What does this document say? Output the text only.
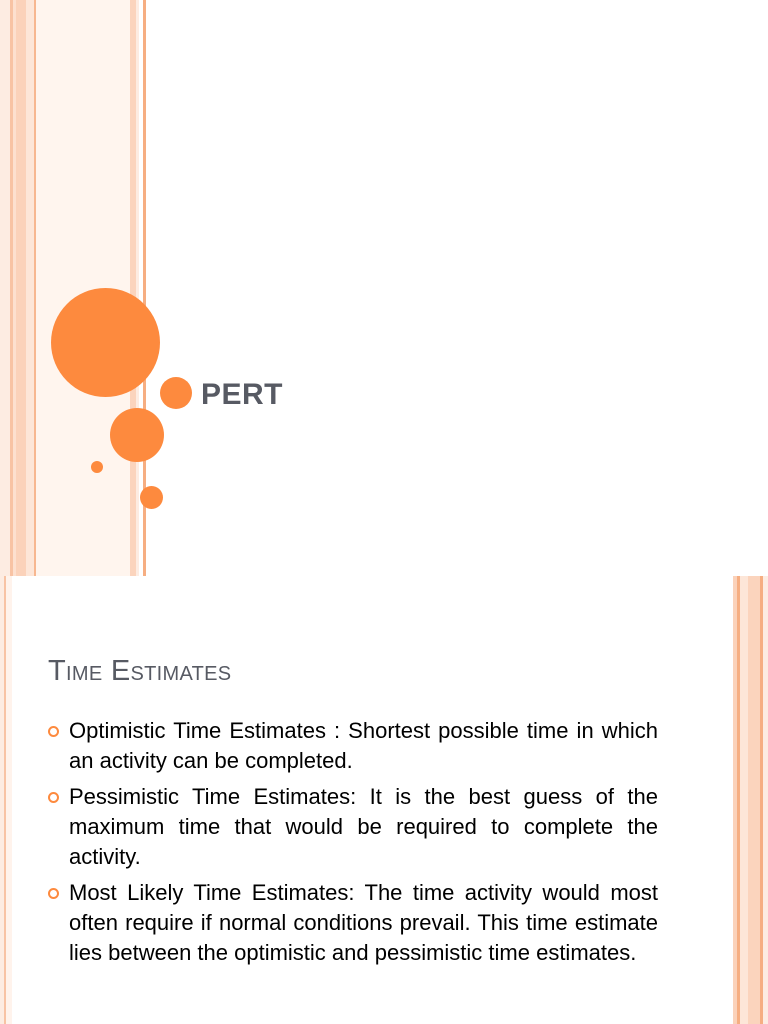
PERT
Time Estimates
Optimistic Time Estimates : Shortest possible time in which an activity can be completed.
Pessimistic Time Estimates: It is the best guess of the maximum time that would be required to complete the activity.
Most Likely Time Estimates: The time activity would most often require if normal conditions prevail. This time estimate lies between the optimistic and pessimistic time estimates.
